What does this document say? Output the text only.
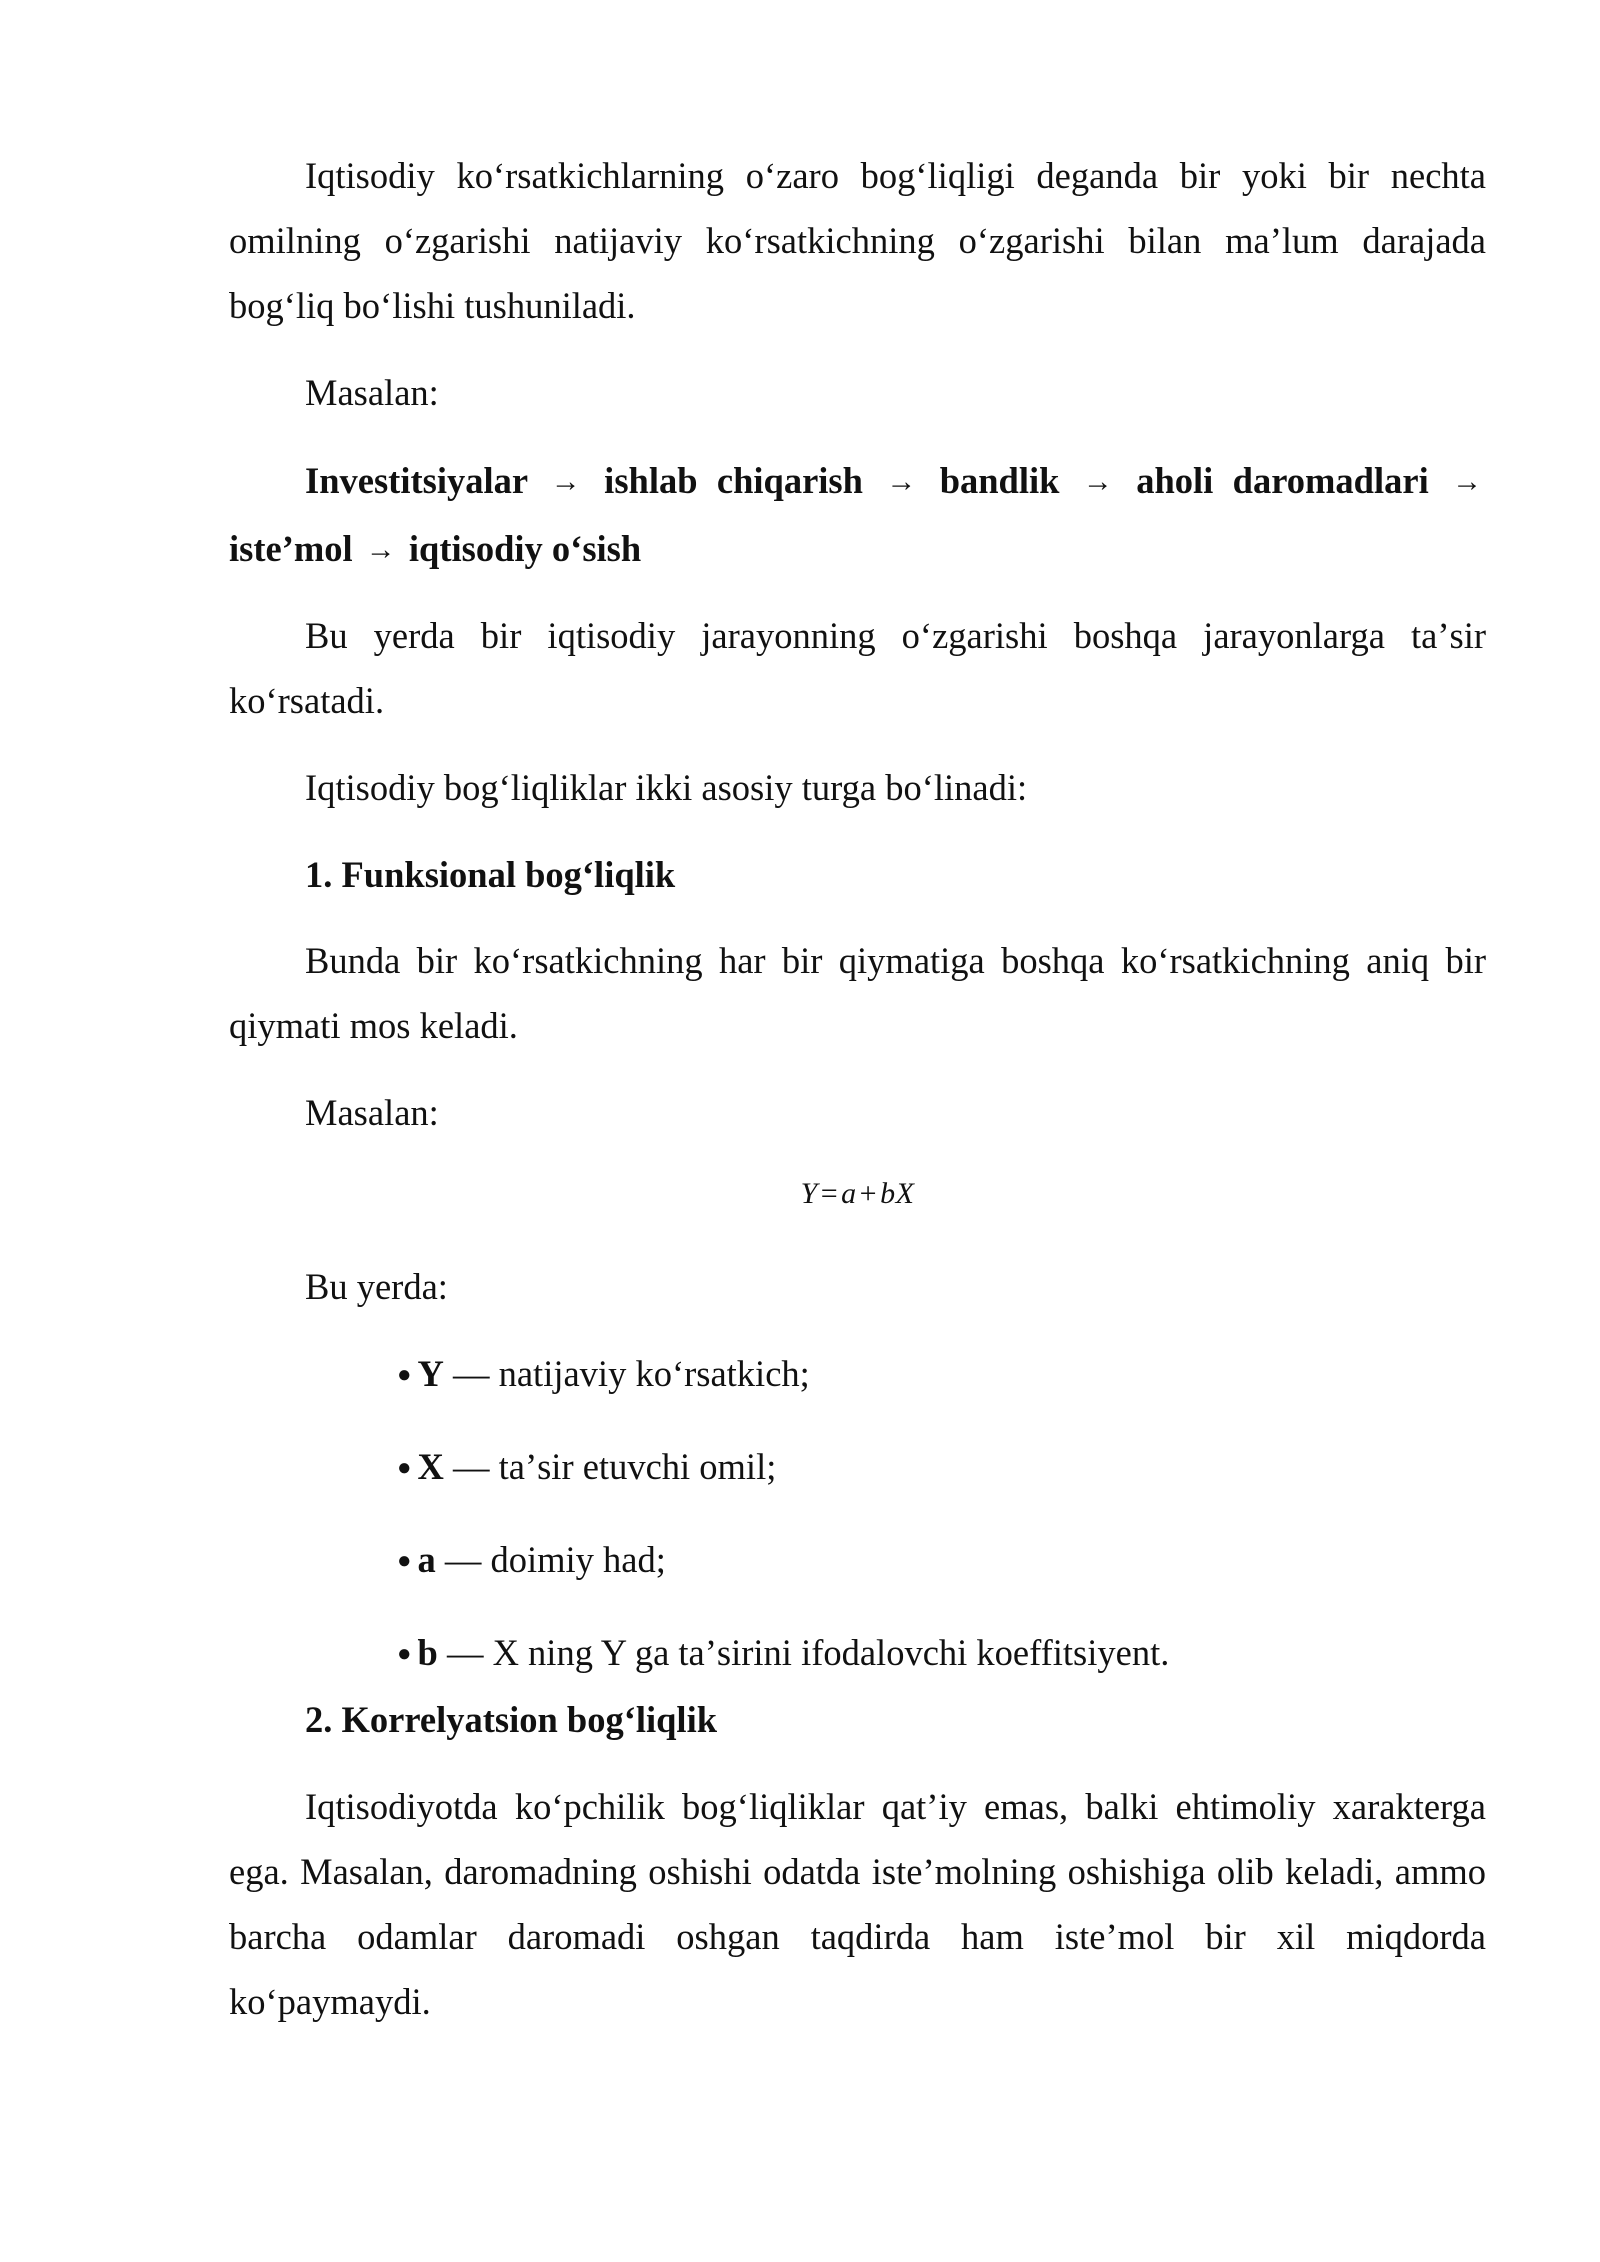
Iqtisodiy koʻrsatkichlarning oʻzaro bogʻliqligi deganda bir yoki bir nechta omilning oʻzgarishi natijaviy koʻrsatkichning oʻzgarishi bilan maʼlum darajada bogʻliq boʻlishi tushuniladi.

Masalan:

Investitsiyalar → ishlab chiqarish → bandlik → aholi daromadlari → isteʼmol → iqtisodiy oʻsish

Bu yerda bir iqtisodiy jarayonning oʻzgarishi boshqa jarayonlarga taʼsir koʻrsatadi.

Iqtisodiy bogʻliqliklar ikki asosiy turga boʻlinadi:

1. Funksional bogʻliqlik

Bunda bir koʻrsatkichning har bir qiymatiga boshqa koʻrsatkichning aniq bir qiymati mos keladi.

Masalan:

Y = a + bX

Bu yerda:

● Y — natijaviy koʻrsatkich;
● X — taʼsir etuvchi omil;
● a — doimiy had;
● b — X ning Y ga taʼsirini ifodalovchi koeffitsiyent.

2. Korrelyatsion bogʻliqlik

Iqtisodiyotda koʻpchilik bogʻliqliklar qatʼiy emas, balki ehtimoliy xarakterga ega. Masalan, daromadning oshishi odatda isteʼmolning oshishiga olib keladi, ammo barcha odamlar daromadi oshgan taqdirda ham isteʼmol bir xil miqdorda koʻpaymaydi.
